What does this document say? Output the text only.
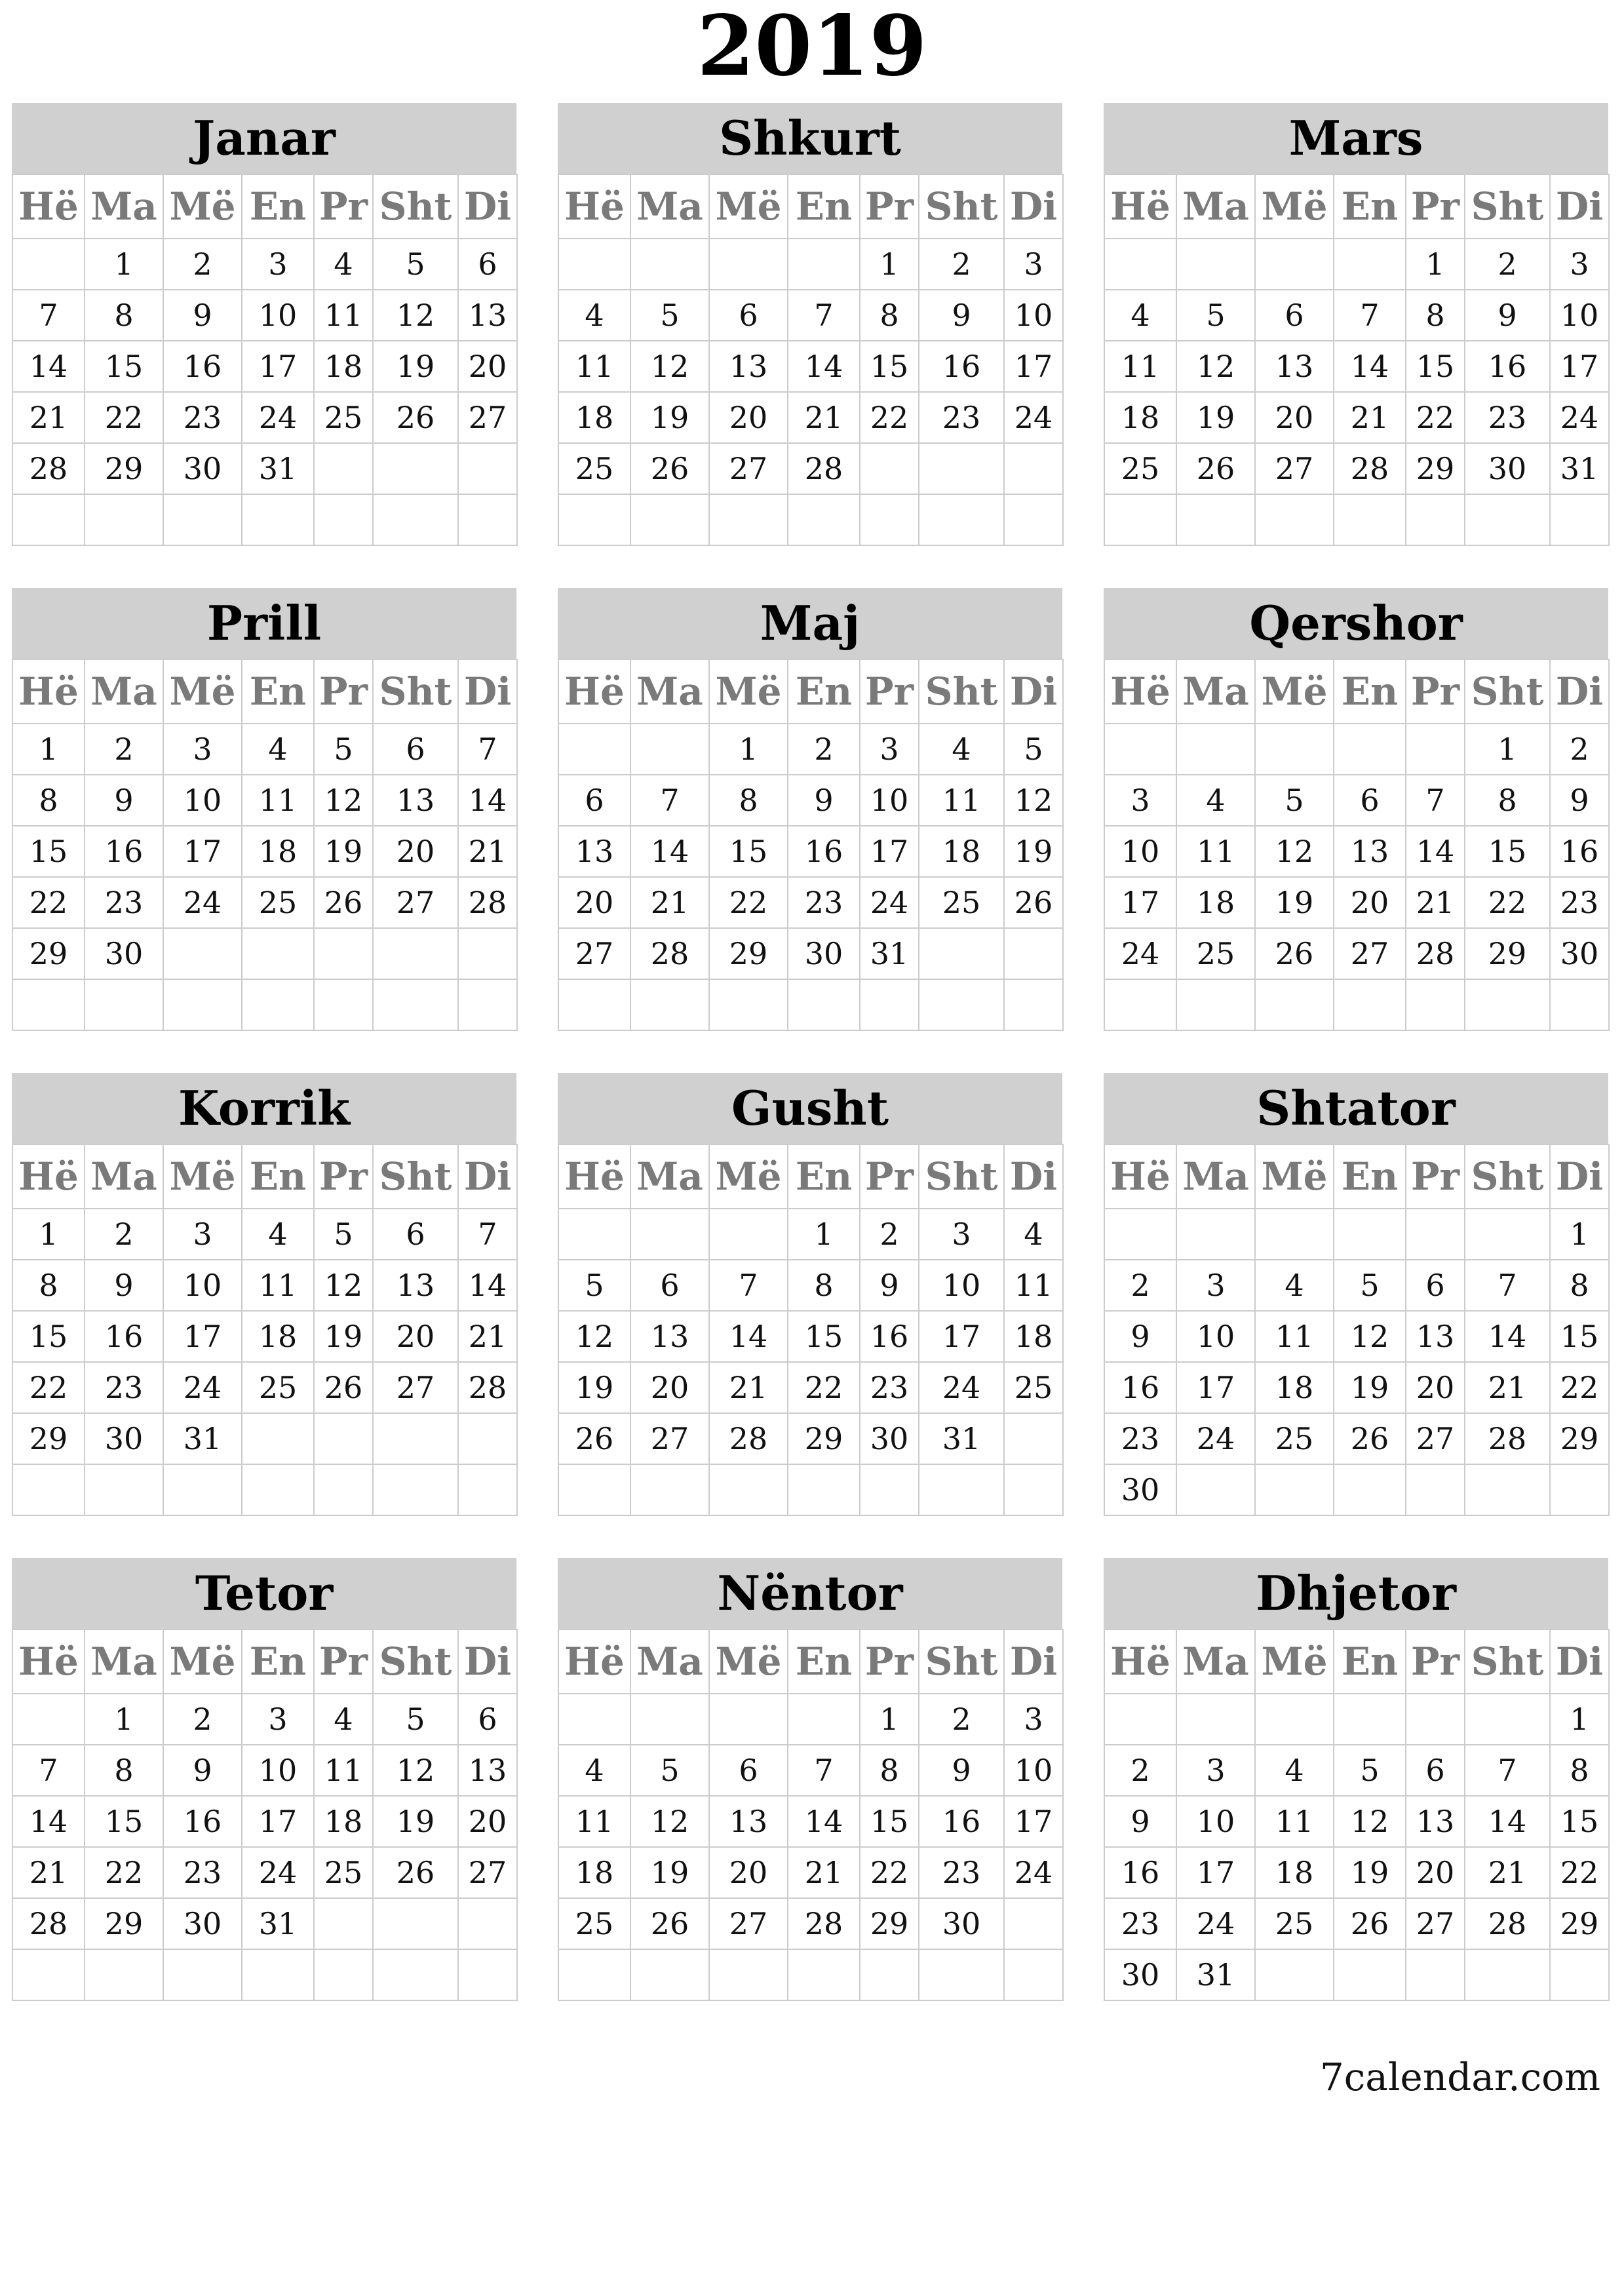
2019
Janar
Hë	Ma	Më	En	Pr	Sht	Di
	1	2	3	4	5	6
7	8	9	10	11	12	13
14	15	16	17	18	19	20
21	22	23	24	25	26	27
28	29	30	31			

Shkurt
Hë	Ma	Më	En	Pr	Sht	Di
				1	2	3
4	5	6	7	8	9	10
11	12	13	14	15	16	17
18	19	20	21	22	23	24
25	26	27	28			

Mars
Hë	Ma	Më	En	Pr	Sht	Di
				1	2	3
4	5	6	7	8	9	10
11	12	13	14	15	16	17
18	19	20	21	22	23	24
25	26	27	28	29	30	31

Prill
Hë	Ma	Më	En	Pr	Sht	Di
1	2	3	4	5	6	7
8	9	10	11	12	13	14
15	16	17	18	19	20	21
22	23	24	25	26	27	28
29	30					

Maj
Hë	Ma	Më	En	Pr	Sht	Di
		1	2	3	4	5
6	7	8	9	10	11	12
13	14	15	16	17	18	19
20	21	22	23	24	25	26
27	28	29	30	31		

Qershor
Hë	Ma	Më	En	Pr	Sht	Di
					1	2
3	4	5	6	7	8	9
10	11	12	13	14	15	16
17	18	19	20	21	22	23
24	25	26	27	28	29	30

Korrik
Hë	Ma	Më	En	Pr	Sht	Di
1	2	3	4	5	6	7
8	9	10	11	12	13	14
15	16	17	18	19	20	21
22	23	24	25	26	27	28
29	30	31				

Gusht
Hë	Ma	Më	En	Pr	Sht	Di
			1	2	3	4
5	6	7	8	9	10	11
12	13	14	15	16	17	18
19	20	21	22	23	24	25
26	27	28	29	30	31	

Shtator
Hë	Ma	Më	En	Pr	Sht	Di
						1
2	3	4	5	6	7	8
9	10	11	12	13	14	15
16	17	18	19	20	21	22
23	24	25	26	27	28	29
30						
Tetor
Hë	Ma	Më	En	Pr	Sht	Di
	1	2	3	4	5	6
7	8	9	10	11	12	13
14	15	16	17	18	19	20
21	22	23	24	25	26	27
28	29	30	31			

Nëntor
Hë	Ma	Më	En	Pr	Sht	Di
				1	2	3
4	5	6	7	8	9	10
11	12	13	14	15	16	17
18	19	20	21	22	23	24
25	26	27	28	29	30	

Dhjetor
Hë	Ma	Më	En	Pr	Sht	Di
						1
2	3	4	5	6	7	8
9	10	11	12	13	14	15
16	17	18	19	20	21	22
23	24	25	26	27	28	29
30	31					
7calendar.com
